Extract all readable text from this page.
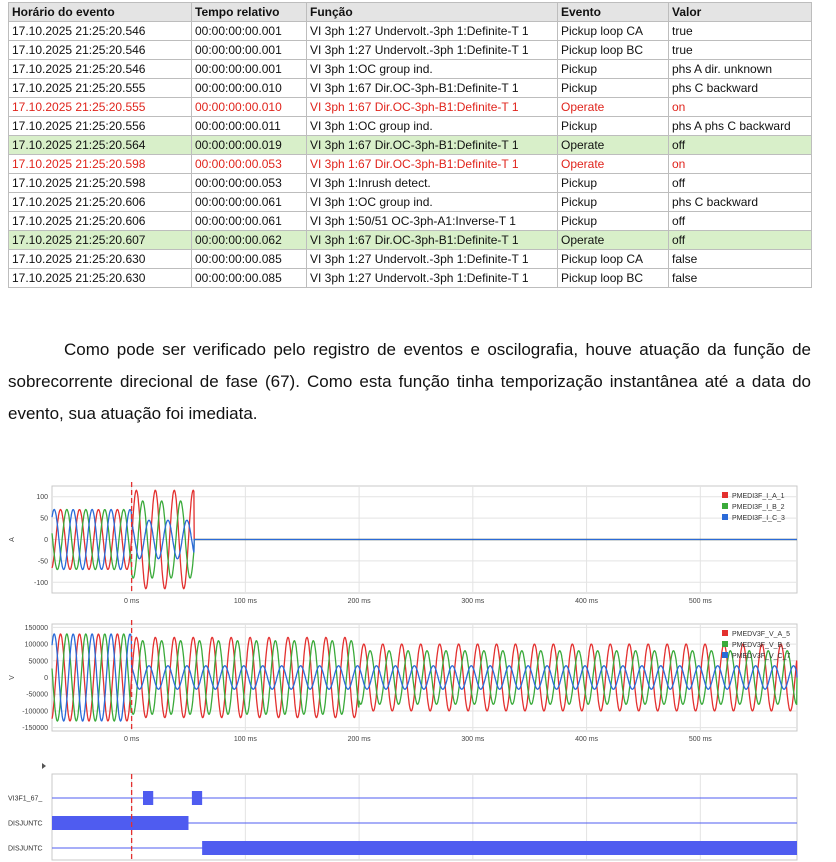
Horário do evento	Tempo relativo	Função	Evento	Valor
17.10.2025 21:25:20.546	00:00:00:00.001	VI 3ph 1:27 Undervolt.-3ph 1:Definite-T 1	Pickup loop CA	true
17.10.2025 21:25:20.546	00:00:00:00.001	VI 3ph 1:27 Undervolt.-3ph 1:Definite-T 1	Pickup loop BC	true
17.10.2025 21:25:20.546	00:00:00:00.001	VI 3ph 1:OC group ind.	Pickup	phs A dir. unknown
17.10.2025 21:25:20.555	00:00:00:00.010	VI 3ph 1:67 Dir.OC-3ph-B1:Definite-T 1	Pickup	phs C backward
17.10.2025 21:25:20.555	00:00:00:00.010	VI 3ph 1:67 Dir.OC-3ph-B1:Definite-T 1	Operate	on
17.10.2025 21:25:20.556	00:00:00:00.011	VI 3ph 1:OC group ind.	Pickup	phs A phs C backward
17.10.2025 21:25:20.564	00:00:00:00.019	VI 3ph 1:67 Dir.OC-3ph-B1:Definite-T 1	Operate	off
17.10.2025 21:25:20.598	00:00:00:00.053	VI 3ph 1:67 Dir.OC-3ph-B1:Definite-T 1	Operate	on
17.10.2025 21:25:20.598	00:00:00:00.053	VI 3ph 1:Inrush detect.	Pickup	off
17.10.2025 21:25:20.606	00:00:00:00.061	VI 3ph 1:OC group ind.	Pickup	phs C backward
17.10.2025 21:25:20.606	00:00:00:00.061	VI 3ph 1:50/51 OC-3ph-A1:Inverse-T 1	Pickup	off
17.10.2025 21:25:20.607	00:00:00:00.062	VI 3ph 1:67 Dir.OC-3ph-B1:Definite-T 1	Operate	off
17.10.2025 21:25:20.630	00:00:00:00.085	VI 3ph 1:27 Undervolt.-3ph 1:Definite-T 1	Pickup loop CA	false
17.10.2025 21:25:20.630	00:00:00:00.085	VI 3ph 1:27 Undervolt.-3ph 1:Definite-T 1	Pickup loop BC	false

Como pode ser verificado pelo registro de eventos e oscilografia, houve atuação da função de sobrecorrente direcional de fase (67). Como esta função tinha temporização instantânea até a data do evento, sua atuação foi imediata.

0 ms	100 ms	200 ms	300 ms	400 ms	500 ms
100
50
0
-50
-100
A
PMEDI3F_I_A_1
PMEDI3F_I_B_2
PMEDI3F_I_C_3
0 ms	100 ms	200 ms	300 ms	400 ms	500 ms
150000
100000
50000
0
-50000
-100000
-150000
V
PMEDV3F_V_A_5
PMEDV3F_V_B_6
PMEDV3F_V_C_7
VI3F1_67_
DISJUNTC
DISJUNTC
